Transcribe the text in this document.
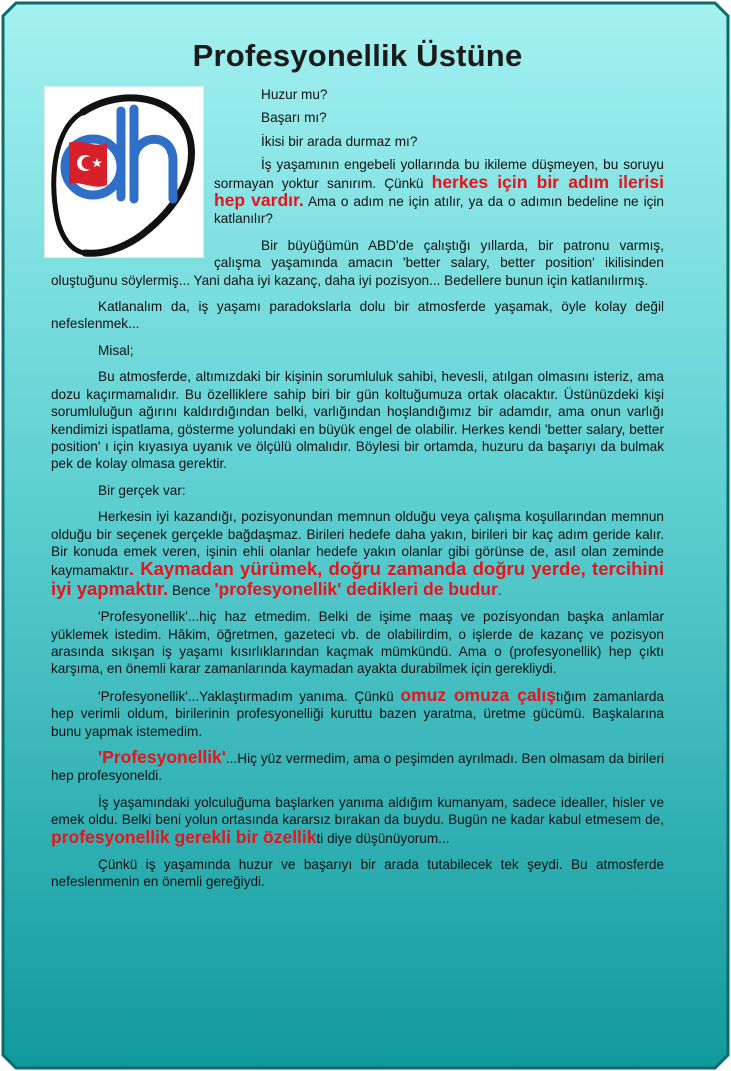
Profesyonellik Üstüne

Huzur mu?

Başarı mı?

İkisi bir arada durmaz mı?

İş yaşamının engebeli yollarında bu ikileme düşmeyen, bu soruyu sormayan yoktur sanırım. Çünkü herkes için bir adım ilerisi hep vardır. Ama o adım ne için atılır, ya da o adımın bedeline ne için katlanılır?

Bir büyüğümün ABD'de çalıştığı yıllarda, bir patronu varmış, çalışma yaşamında amacın 'better salary, better position' ikilisinden oluştuğunu söylermiş... Yani daha iyi kazanç, daha iyi pozisyon... Bedellere bunun için katlanılırmış.

Katlanalım da, iş yaşamı paradokslarla dolu bir atmosferde yaşamak, öyle kolay değil nefeslenmek...

Misal;

Bu atmosferde, altımızdaki bir kişinin sorumluluk sahibi, hevesli, atılgan olmasını isteriz, ama dozu kaçırmamalıdır. Bu özelliklere sahip biri bir gün koltuğumuza ortak olacaktır. Üstünüzdeki kişi sorumluluğun ağırını kaldırdığından belki, varlığından hoşlandığımız bir adamdır, ama onun varlığı kendimizi ispatlama, gösterme yolundaki en büyük engel de olabilir. Herkes kendi 'better salary, better position' ı için kıyasıya uyanık ve ölçülü olmalıdır. Böylesi bir ortamda, huzuru da başarıyı da bulmak pek de kolay olmasa gerektir.

Bir gerçek var:

Herkesin iyi kazandığı, pozisyonundan memnun olduğu veya çalışma koşullarından memnun olduğu bir seçenek gerçekle bağdaşmaz. Birileri hedefe daha yakın, birileri bir kaç adım geride kalır. Bir konuda emek veren, işinin ehli olanlar hedefe yakın olanlar gibi görünse de, asıl olan zeminde kaymamaktır. Kaymadan yürümek, doğru zamanda doğru yerde, tercihini iyi yapmaktır. Bence 'profesyonellik' dedikleri de budur.

'Profesyonellik'...hiç haz etmedim. Belki de işime maaş ve pozisyondan başka anlamlar yüklemek istedim. Hâkim, öğretmen, gazeteci vb. de olabilirdim, o işlerde de kazanç ve pozisyon arasında sıkışan iş yaşamı kısırlıklarından kaçmak mümkündü. Ama o (profesyonellik) hep çıktı karşıma, en önemli karar zamanlarında kaymadan ayakta durabilmek için gerekliydi.

'Profesyonellik'...Yaklaştırmadım yanıma. Çünkü omuz omuza çalıştığım zamanlarda hep verimli oldum, birilerinin profesyonelliği kuruttu bazen yaratma, üretme gücümü. Başkalarına bunu yapmak istemedim.

'Profesyonellik'...Hiç yüz vermedim, ama o peşimden ayrılmadı. Ben olmasam da birileri hep profesyoneldi.

İş yaşamındaki yolculuğuma başlarken yanıma aldığım kumanyam, sadece idealler, hisler ve emek oldu. Belki beni yolun ortasında kararsız bırakan da buydu. Bugün ne kadar kabul etmesem de, profesyonellik gerekli bir özellikti diye düşünüyorum...

Çünkü iş yaşamında huzur ve başarıyı bir arada tutabilecek tek şeydi. Bu atmosferde nefeslenmenin en önemli gereğiydi.
